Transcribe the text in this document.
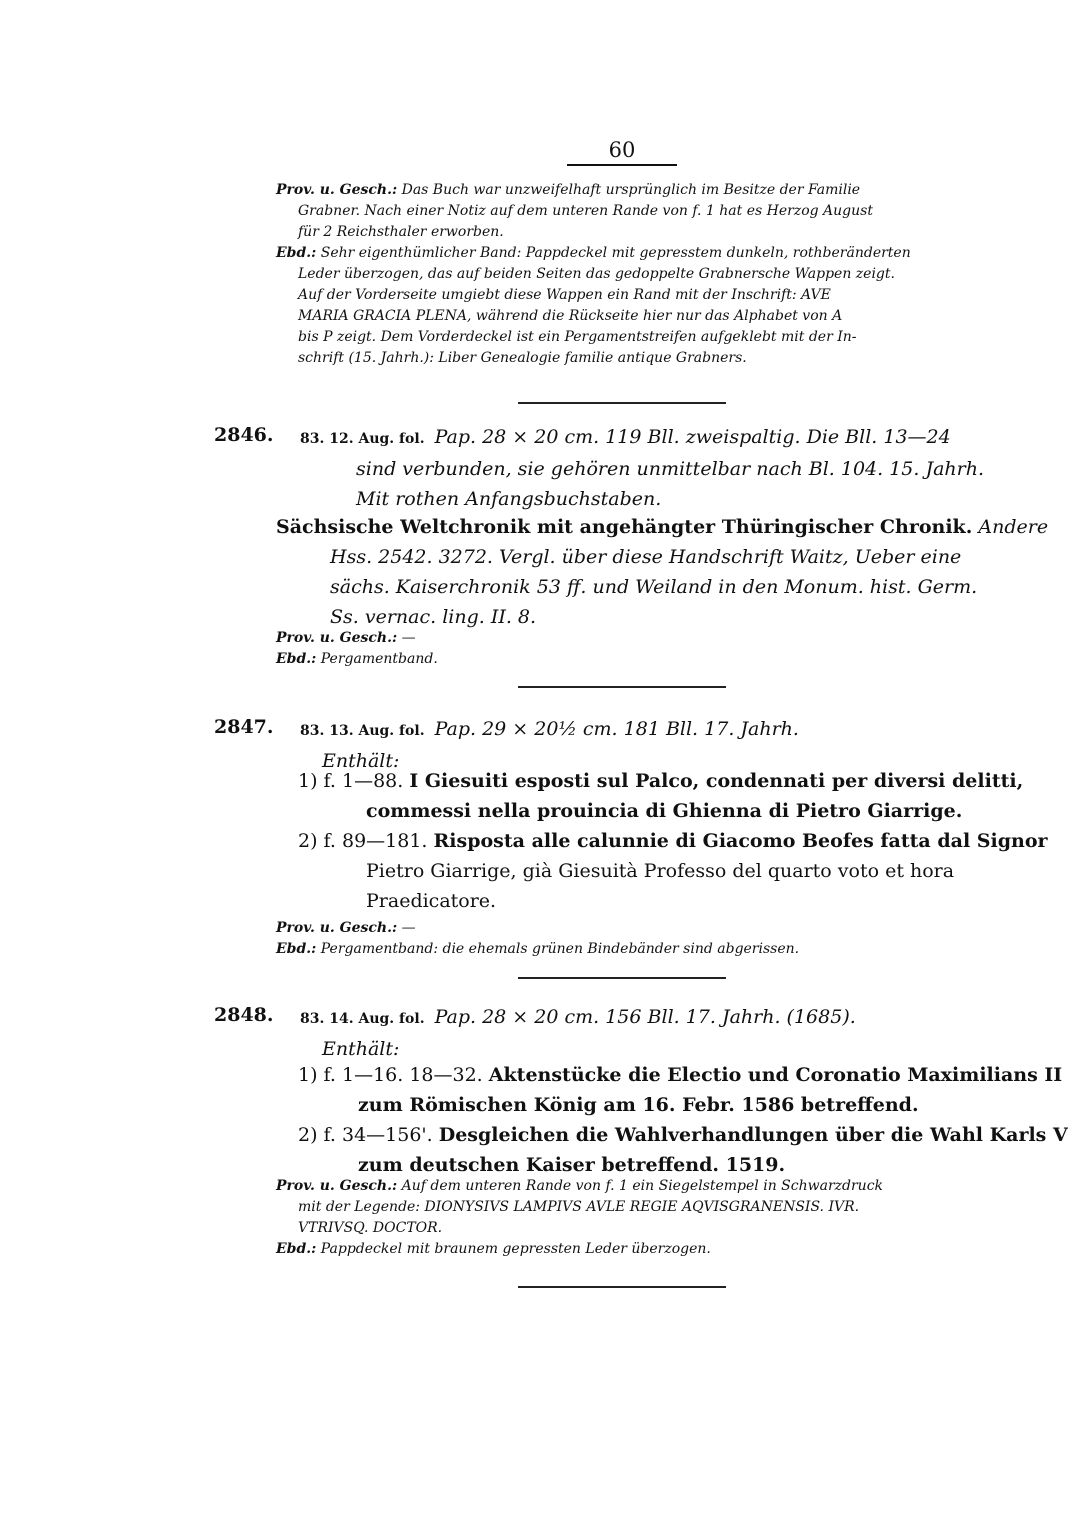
60
Prov. u. Gesch.: Das Buch war unzweifelhaft ursprünglich im Besitze der Familie
Grabner. Nach einer Notiz auf dem unteren Rande von f. 1 hat es Herzog August
für 2 Reichsthaler erworben.
Ebd.: Sehr eigenthümlicher Band: Pappdeckel mit gepresstem dunkeln, rothberänderten
Leder überzogen, das auf beiden Seiten das gedoppelte Grabnersche Wappen zeigt.
Auf der Vorderseite umgiebt diese Wappen ein Rand mit der Inschrift: AVE
MARIA GRACIA PLENA, während die Rückseite hier nur das Alphabet von A
bis P zeigt. Dem Vorderdeckel ist ein Pergamentstreifen aufgeklebt mit der In-
schrift (15. Jahrh.): Liber Genealogie familie antique Grabners.
2846. 83. 12. Aug. fol. Pap. 28 × 20 cm. 119 Bll. zweispaltig. Die Bll. 13—24
sind verbunden, sie gehören unmittelbar nach Bl. 104. 15. Jahrh.
Mit rothen Anfangsbuchstaben.
Sächsische Weltchronik mit angehängter Thüringischer Chronik. Andere
Hss. 2542. 3272. Vergl. über diese Handschrift Waitz, Ueber eine
sächs. Kaiserchronik 53 ff. und Weiland in den Monum. hist. Germ.
Ss. vernac. ling. II. 8.
Prov. u. Gesch.: —
Ebd.: Pergamentband.
2847. 83. 13. Aug. fol. Pap. 29 × 20½ cm. 181 Bll. 17. Jahrh.
Enthält:
1) f. 1—88. I Giesuiti esposti sul Palco, condennati per diversi delitti,
commessi nella prouincia di Ghienna di Pietro Giarrige.
2) f. 89—181. Risposta alle calunnie di Giacomo Beofes fatta dal Signor
Pietro Giarrige, già Giesuità Professo del quarto voto et hora
Praedicatore.
Prov. u. Gesch.: —
Ebd.: Pergamentband: die ehemals grünen Bindebänder sind abgerissen.
2848. 83. 14. Aug. fol. Pap. 28 × 20 cm. 156 Bll. 17. Jahrh. (1685).
Enthält:
1) f. 1—16. 18—32. Aktenstücke die Electio und Coronatio Maximilians II
zum Römischen König am 16. Febr. 1586 betreffend.
2) f. 34—156'. Desgleichen die Wahlverhandlungen über die Wahl Karls V
zum deutschen Kaiser betreffend. 1519.
Prov. u. Gesch.: Auf dem unteren Rande von f. 1 ein Siegelstempel in Schwarzdruck
mit der Legende: DIONYSIVS LAMPIVS AVLE REGIE AQVISGRANENSIS. IVR.
VTRIVSQ. DOCTOR.
Ebd.: Pappdeckel mit braunem gepressten Leder überzogen.
